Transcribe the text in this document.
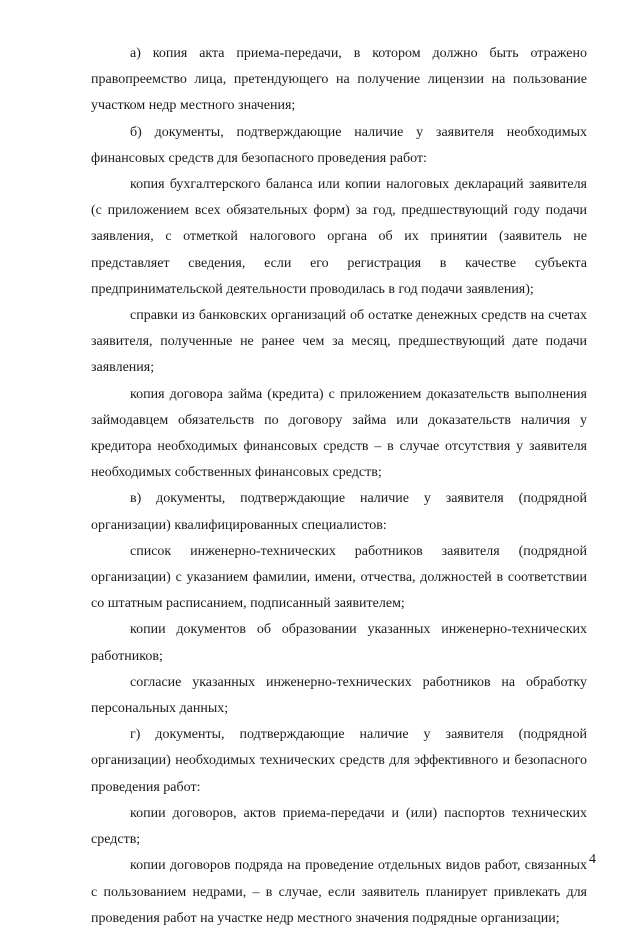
а) копия акта приема-передачи, в котором должно быть отражено правопреемство лица, претендующего на получение лицензии на пользование участком недр местного значения;

б) документы, подтверждающие наличие у заявителя необходимых финансовых средств для безопасного проведения работ:

копия бухгалтерского баланса или копии налоговых деклараций заявителя (с приложением всех обязательных форм) за год, предшествующий году подачи заявления, с отметкой налогового органа об их принятии (заявитель не представляет сведения, если его регистрация в качестве субъекта предпринимательской деятельности проводилась в год подачи заявления);

справки из банковских организаций об остатке денежных средств на счетах заявителя, полученные не ранее чем за месяц, предшествующий дате подачи заявления;

копия договора займа (кредита) с приложением доказательств выполнения займодавцем обязательств по договору займа или доказательств наличия у кредитора необходимых финансовых средств – в случае отсутствия у заявителя необходимых собственных финансовых средств;

в) документы, подтверждающие наличие у заявителя (подрядной организации) квалифицированных специалистов:

список инженерно-технических работников заявителя (подрядной организации) с указанием фамилии, имени, отчества, должностей в соответствии со штатным расписанием, подписанный заявителем;

копии документов об образовании указанных инженерно-технических работников;

согласие указанных инженерно-технических работников на обработку персональных данных;

г) документы, подтверждающие наличие у заявителя (подрядной организации) необходимых технических средств для эффективного и безопасного проведения работ:

копии договоров, актов приема-передачи и (или) паспортов технических средств;

копии договоров подряда на проведение отдельных видов работ, связанных с пользованием недрами, – в случае, если заявитель планирует привлекать для проведения работ на участке недр местного значения подрядные организации;

4
